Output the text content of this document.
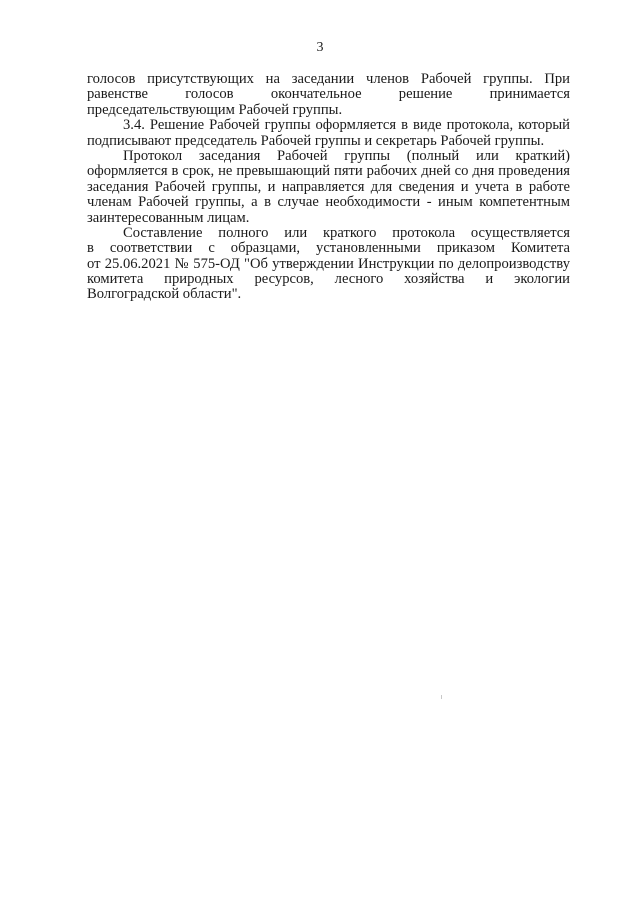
3
голосов присутствующих на заседании членов Рабочей группы. При
равенстве голосов окончательное решение принимается
председательствующим Рабочей группы.
3.4. Решение Рабочей группы оформляется в виде протокола, который
подписывают председатель Рабочей группы и секретарь Рабочей группы.
Протокол заседания Рабочей группы (полный или краткий)
оформляется в срок, не превышающий пяти рабочих дней со дня проведения
заседания Рабочей группы, и направляется для сведения и учета в работе
членам Рабочей группы, а в случае необходимости - иным компетентным
заинтересованным лицам.
Составление полного или краткого протокола осуществляется
в соответствии с образцами, установленными приказом Комитета
от 25.06.2021 № 575-ОД "Об утверждении Инструкции по делопроизводству
комитета природных ресурсов, лесного хозяйства и экологии
Волгоградской области".
